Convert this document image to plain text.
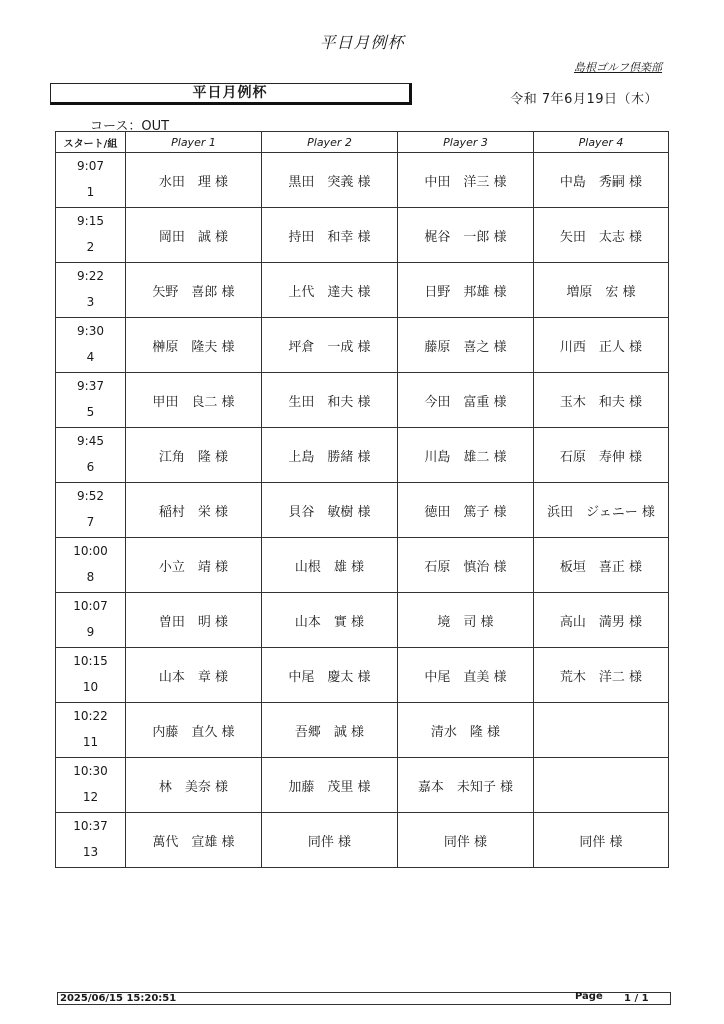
平日月例杯
島根ゴルフ倶楽部
平日月例杯	令和 7年6月19日（木）
コース：OUT
スタート/組	Player 1	Player 2	Player 3	Player 4

9:07
1	水田　理 様	黒田　突義 様	中田　洋三 様	中島　秀嗣 様

9:15
2	岡田　誠 様	持田　和幸 様	梶谷　一郎 様	矢田　太志 様

9:22
3	矢野　喜郎 様	上代　達夫 様	日野　邦雄 様	増原　宏 様

9:30
4	榊原　隆夫 様	坪倉　一成 様	藤原　喜之 様	川西　正人 様

9:37
5	甲田　良二 様	生田　和夫 様	今田　富重 様	玉木　和夫 様

9:45
6	江角　隆 様	上島　勝緒 様	川島　雄二 様	石原　寿伸 様

9:52
7	稲村　栄 様	貝谷　敏樹 様	徳田　篤子 様	浜田　ジェニー 様

10:00
8	小立　靖 様	山根　雄 様	石原　慎治 様	板垣　喜正 様

10:07
9	曽田　明 様	山本　實 様	境　司 様	高山　満男 様

10:15
10	山本　章 様	中尾　慶太 様	中尾　直美 様	荒木　洋二 様

10:22
11	内藤　直久 様	吾郷　誠 様	清水　隆 様	

10:30
12	林　美奈 様	加藤　茂里 様	嘉本　未知子 様	

10:37
13	萬代　宣雄 様	同伴 様	同伴 様	同伴 様
2025/06/15 15:20:51	Page 1 / 1
